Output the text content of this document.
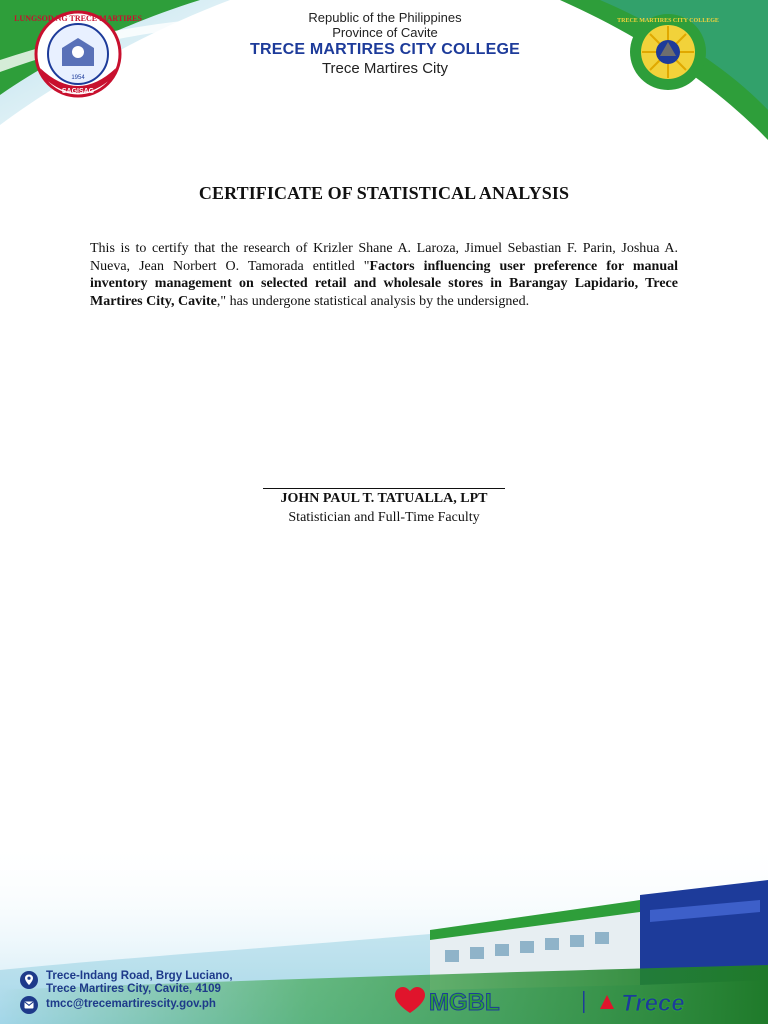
LUNGSOD NG TRECE MARTIRES
1954
SAGISAG
TRECE MARTIRES CITY COLLEGE
Republic of the Philippines
Province of Cavite
TRECE MARTIRES CITY COLLEGE
Trece Martires City
CERTIFICATE OF STATISTICAL ANALYSIS
This is to certify that the research of Krizler Shane A. Laroza, Jimuel Sebastian F. Parin, Joshua A. Nueva, Jean Norbert O. Tamorada entitled "Factors influencing user preference for manual inventory management on selected retail and wholesale stores in Barangay Lapidario, Trece Martires City, Cavite," has undergone statistical analysis by the undersigned.
JOHN PAUL T. TATUALLA, LPT
Statistician and Full-Time Faculty
Trece-Indang Road, Brgy Luciano,
Trece Martires City, Cavite, 4109
tmcc@trecemartirescity.gov.ph	MGBL	Trece
